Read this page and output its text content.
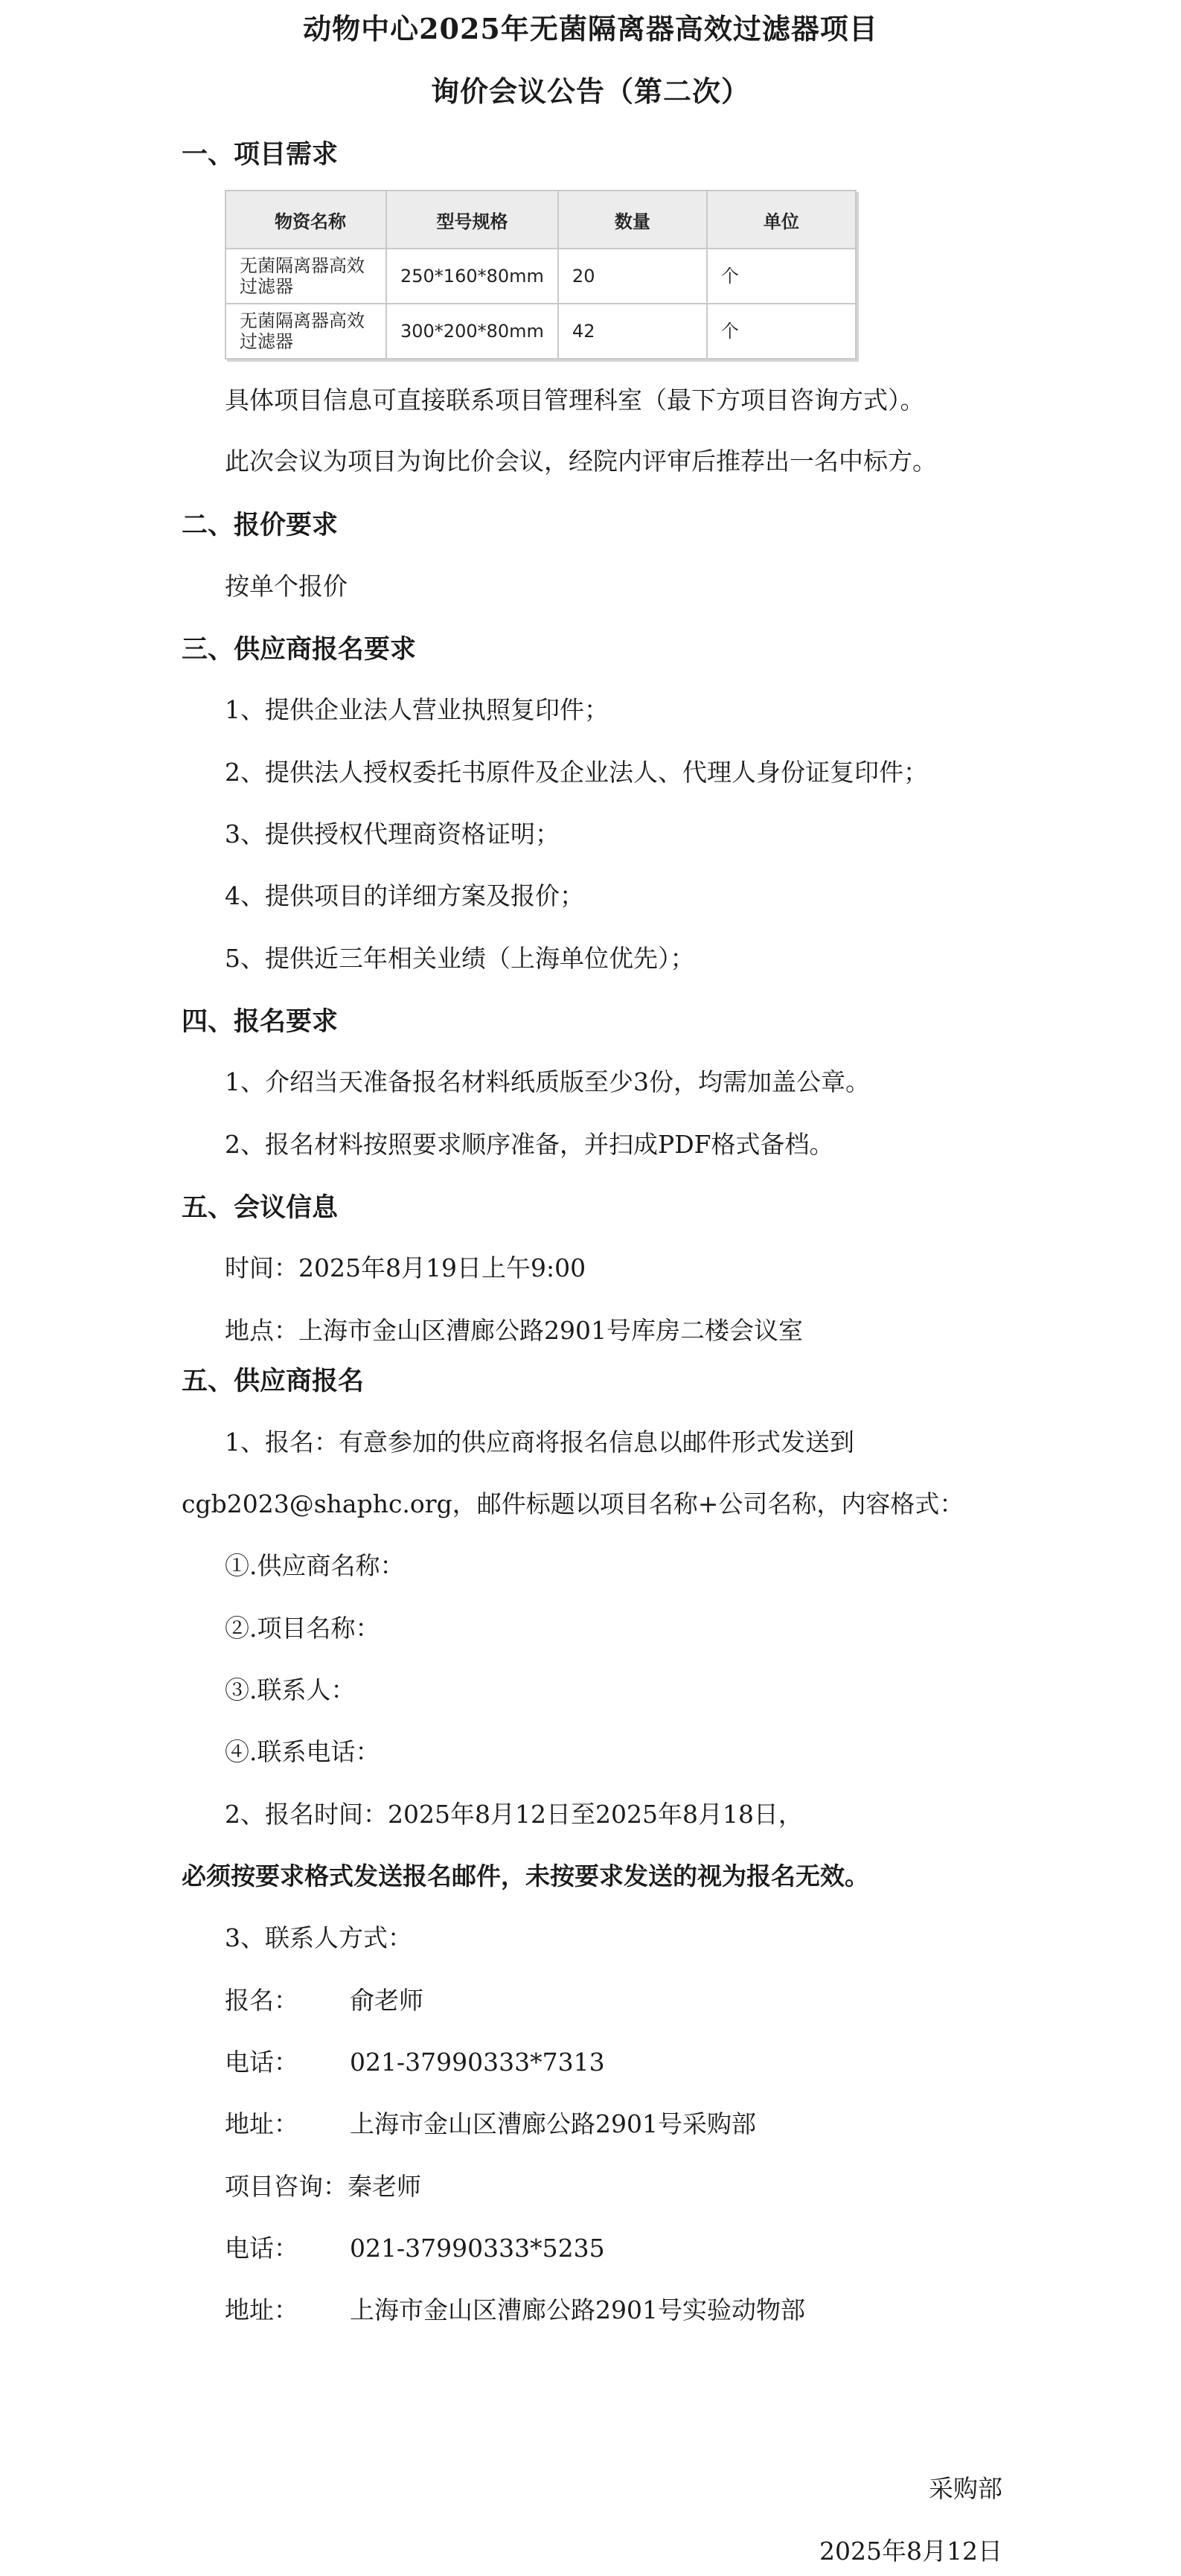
动物中心2025年无菌隔离器高效过滤器项目
询价会议公告（第二次）
一、项目需求
物资名称	型号规格	数量	单位
无菌隔离器高效过滤器	250*160*80mm	20	个
无菌隔离器高效过滤器	300*200*80mm	42	个
具体项目信息可直接联系项目管理科室（最下方项目咨询方式）。
此次会议为项目为询比价会议，经院内评审后推荐出一名中标方。
二、报价要求
按单个报价
三、供应商报名要求
1、提供企业法人营业执照复印件；
2、提供法人授权委托书原件及企业法人、代理人身份证复印件；
3、提供授权代理商资格证明；
4、提供项目的详细方案及报价；
5、提供近三年相关业绩（上海单位优先）；
四、报名要求
1、介绍当天准备报名材料纸质版至少3份，均需加盖公章。
2、报名材料按照要求顺序准备，并扫成PDF格式备档。
五、会议信息
时间：2025年8月19日上午9:00
地点：上海市金山区漕廊公路2901号库房二楼会议室
五、供应商报名
1、报名：有意参加的供应商将报名信息以邮件形式发送到
cgb2023@shaphc.org，邮件标题以项目名称+公司名称，内容格式：
①.供应商名称：
②.项目名称：
③.联系人：
④.联系电话：
2、报名时间：2025年8月12日至2025年8月18日，
必须按要求格式发送报名邮件，未按要求发送的视为报名无效。
3、联系人方式：
报名： 俞老师
电话： 021-37990333*7313
地址： 上海市金山区漕廊公路2901号采购部
项目咨询：秦老师
电话： 021-37990333*5235
地址： 上海市金山区漕廊公路2901号实验动物部
采购部
2025年8月12日
